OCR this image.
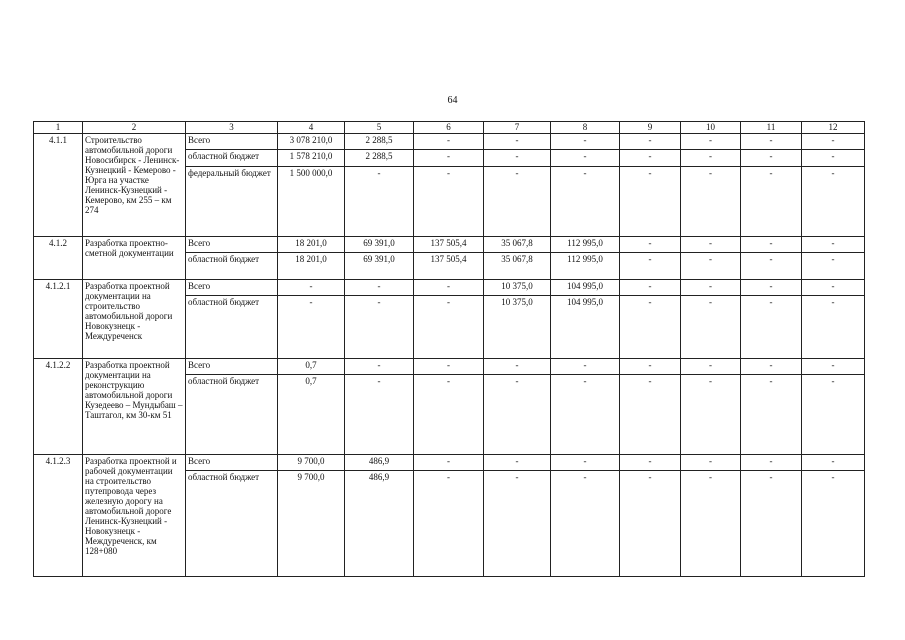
64
1	2	3	4	5	6	7	8	9	10	11	12
4.1.1	Строительство автомобильной дороги Новосибирск - Ленинск-Кузнецкий - Кемерово - Юрга на участке Ленинск-Кузнецкий - Кемерово, км 255 – км 274	Всего	3 078 210,0	2 288,5	-	-	-	-	-	-	-
		областной бюджет	1 578 210,0	2 288,5	-	-	-	-	-	-	-
		федеральный бюджет	1 500 000,0	-	-	-	-	-	-	-	-
4.1.2	Разработка проектно-сметной документации	Всего	18 201,0	69 391,0	137 505,4	35 067,8	112 995,0	-	-	-	-
		областной бюджет	18 201,0	69 391,0	137 505,4	35 067,8	112 995,0	-	-	-	-
4.1.2.1	Разработка проектной документации на строительство автомобильной дороги Новокузнецк - Междуреченск	Всего	-	-	-	10 375,0	104 995,0	-	-	-	-
		областной бюджет	-	-	-	10 375,0	104 995,0	-	-	-	-
4.1.2.2	Разработка проектной документации на реконструкцию автомобильной дороги Кузедеево – Мундыбаш – Таштагол, км 30-км 51	Всего	0,7	-	-	-	-	-	-	-	-
		областной бюджет	0,7	-	-	-	-	-	-	-	-
4.1.2.3	Разработка проектной и рабочей документации на строительство путепровода через железную дорогу на автомобильной дороге Ленинск-Кузнецкий - Новокузнецк - Междуреченск, км 128+080	Всего	9 700,0	486,9	-	-	-	-	-	-	-
		областной бюджет	9 700,0	486,9	-	-	-	-	-	-	-
